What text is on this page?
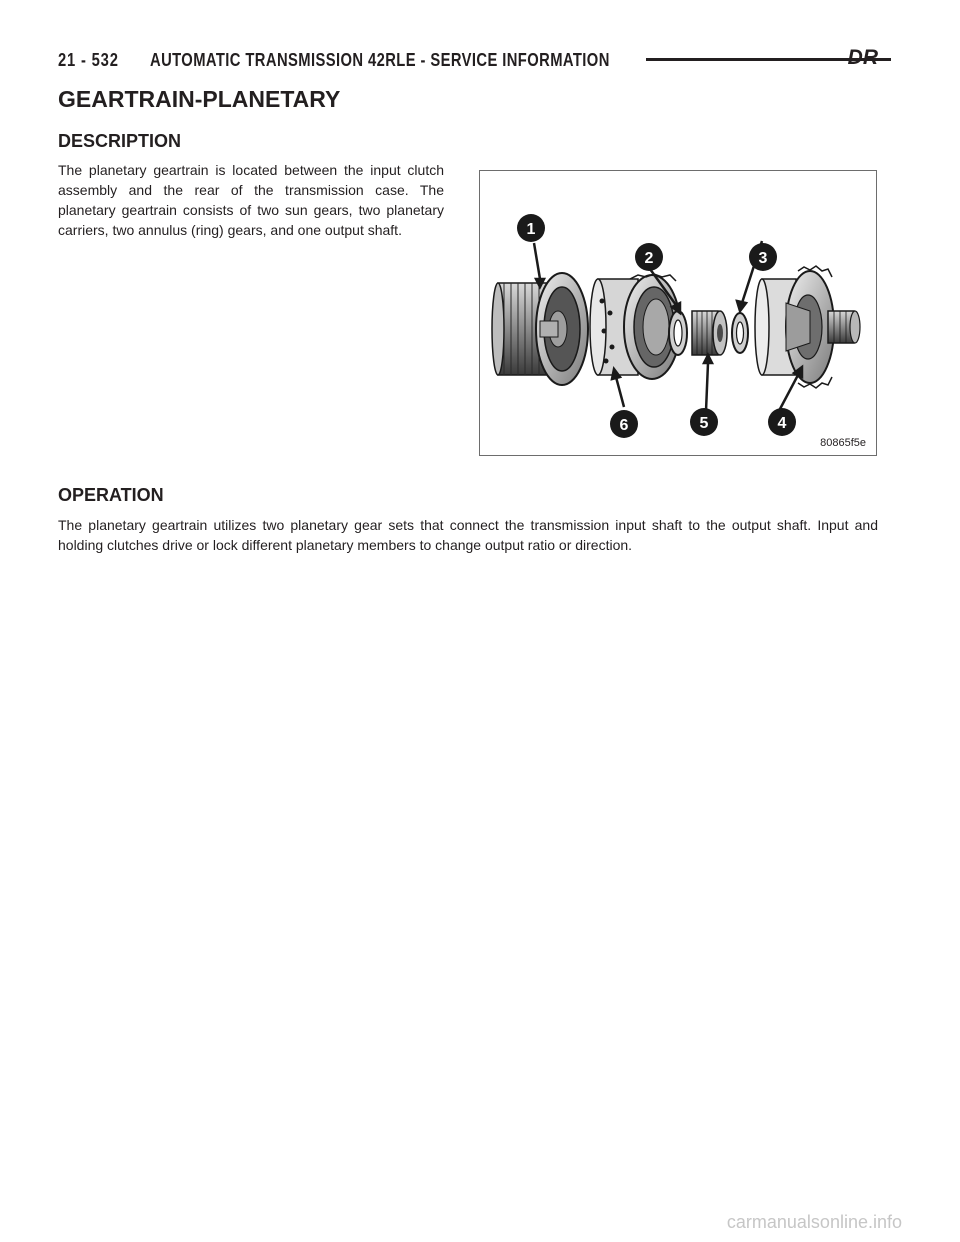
21 - 532 AUTOMATIC TRANSMISSION 42RLE - SERVICE INFORMATION	DR
GEARTRAIN-PLANETARY
DESCRIPTION

The planetary geartrain is located between the input clutch assembly and the rear of the transmission case. The planetary geartrain consists of two sun gears, two planetary carriers, two annulus (ring) gears, and one output shaft.	1
2	3
4
5
6
80865f5e
OPERATION

The planetary geartrain utilizes two planetary gear sets that connect the transmission input shaft to the output shaft. Input and holding clutches drive or lock different planetary members to change output ratio or direction.

carmanualsonline.info
